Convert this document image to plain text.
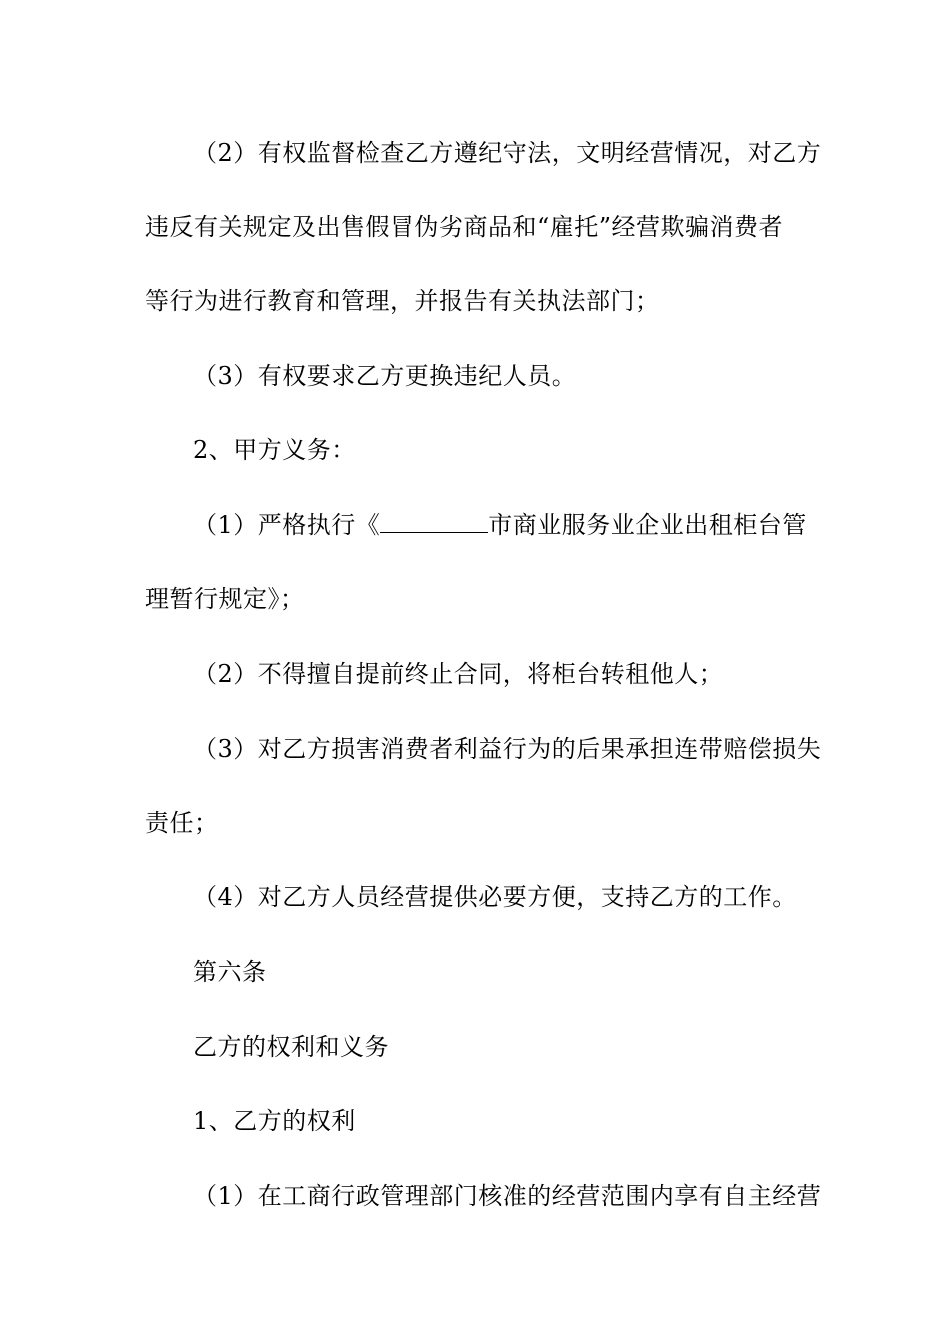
（2）有权监督检查乙方遵纪守法，文明经营情况，对乙方
违反有关规定及出售假冒伪劣商品和“雇托”经营欺骗消费者
等行为进行教育和管理，并报告有关执法部门；
（3）有权要求乙方更换违纪人员。
2、甲方义务：
（1）严格执行《	市商业服务业企业出租柜台管
理暂行规定》；
（2）不得擅自提前终止合同，将柜台转租他人；
（3）对乙方损害消费者利益行为的后果承担连带赔偿损失
责任；
（4）对乙方人员经营提供必要方便，支持乙方的工作。
第六条
乙方的权利和义务
1、乙方的权利
（1）在工商行政管理部门核准的经营范围内享有自主经营
